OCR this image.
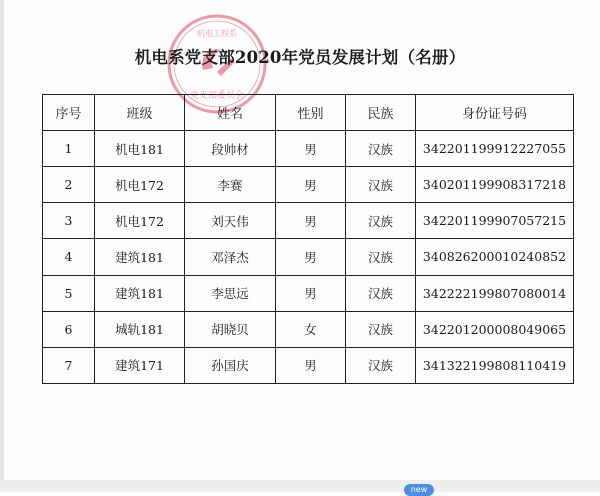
党支部委员会
机电工程系
机电系党支部2020年党员发展计划（名册）
序号	班级	姓名	性别	民族	身份证号码
1	机电181	段帅材	男	汉族	342201199912227055
2	机电172	李赛	男	汉族	340201199908317218
3	机电172	刘天伟	男	汉族	342201199907057215
4	建筑181	邓泽杰	男	汉族	340826200010240852
5	建筑181	李思远	男	汉族	342222199807080014
6	城轨181	胡晓贝	女	汉族	342201200008049065
7	建筑171	孙国庆	男	汉族	341322199808110419
new
